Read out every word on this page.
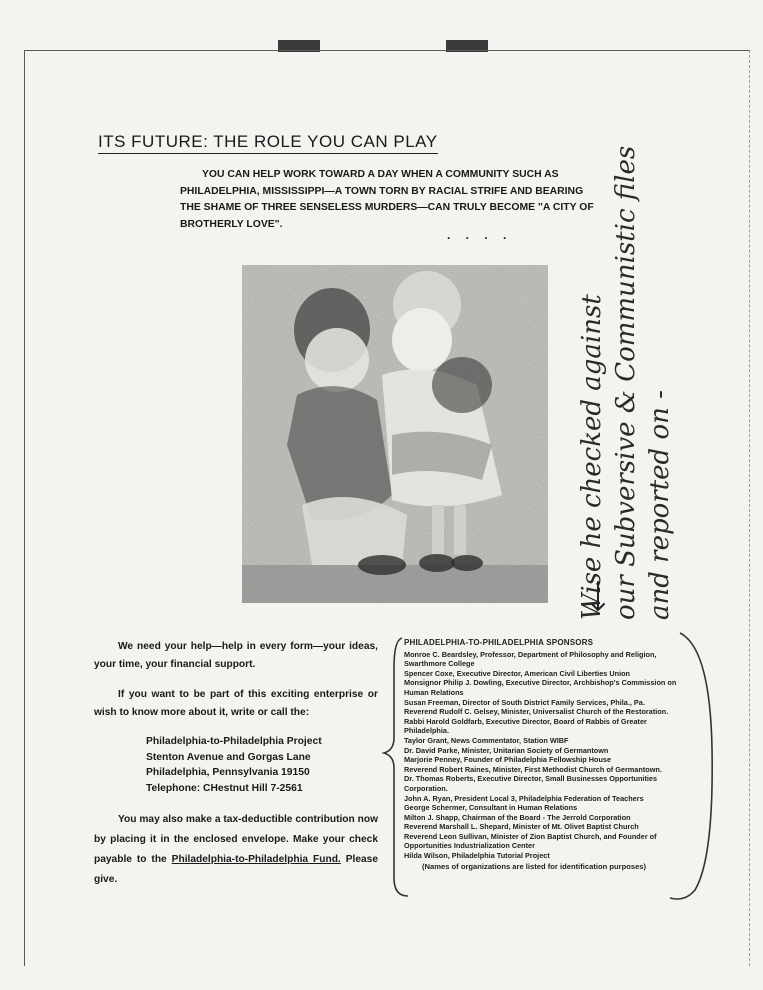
ITS FUTURE: THE ROLE YOU CAN PLAY

YOU CAN HELP WORK TOWARD A DAY WHEN A COMMUNITY SUCH AS PHILADELPHIA, MISSISSIPPI—A TOWN TORN BY RACIAL STRIFE AND BEARING THE SHAME OF THREE SENSELESS MURDERS—CAN TRULY BECOME "A CITY OF BROTHERLY LOVE".

. . . .
Wise he checked against our Subversive & Communistic files and reported on -

We need your help—help in every form—your ideas, your time, your financial support.

If you want to be part of this exciting enterprise or wish to know more about it, write or call the:

Philadelphia-to-Philadelphia Project
Stenton Avenue and Gorgas Lane
Philadelphia, Pennsylvania 19150
Telephone: CHestnut Hill 7-2561

You may also make a tax-deductible contribution now by placing it in the enclosed envelope. Make your check payable to the Philadelphia-to-Philadelphia Fund. Please give.

PHILADELPHIA-TO-PHILADELPHIA SPONSORS
Monroe C. Beardsley, Professor, Department of Philosophy and Religion, Swarthmore College
Spencer Coxe, Executive Director, American Civil Liberties Union
Monsignor Philip J. Dowling, Executive Director, Archbishop's Commission on Human Relations
Susan Freeman, Director of South District Family Services, Phila., Pa.
Reverend Rudolf C. Gelsey, Minister, Universalist Church of the Restoration.
Rabbi Harold Goldfarb, Executive Director, Board of Rabbis of Greater Philadelphia.
Taylor Grant, News Commentator, Station WIBF
Dr. David Parke, Minister, Unitarian Society of Germantown
Marjorie Penney, Founder of Philadelphia Fellowship House
Reverend Robert Raines, Minister, First Methodist Church of Germantown.
Dr. Thomas Roberts, Executive Director, Small Businesses Opportunities Corporation.
John A. Ryan, President Local 3, Philadelphia Federation of Teachers
George Schermer, Consultant in Human Relations
Milton J. Shapp, Chairman of the Board - The Jerrold Corporation
Reverend Marshall L. Shepard, Minister of Mt. Olivet Baptist Church
Reverend Leon Sullivan, Minister of Zion Baptist Church, and Founder of Opportunities Industrialization Center
Hilda Wilson, Philadelphia Tutorial Project
(Names of organizations are listed for identification purposes)
